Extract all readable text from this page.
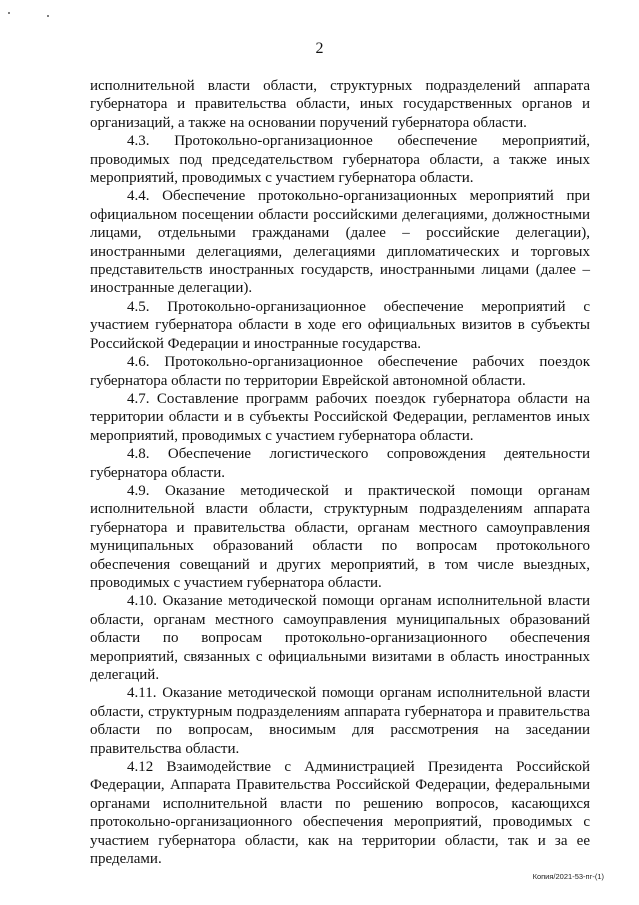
2

исполнительной власти области, структурных подразделений аппарата губернатора и правительства области, иных государственных органов и организаций, а также на основании поручений губернатора области.

4.3. Протокольно-организационное обеспечение мероприятий, проводимых под председательством губернатора области, а также иных мероприятий, проводимых с участием губернатора области.

4.4. Обеспечение протокольно-организационных мероприятий при официальном посещении области российскими делегациями, должностными лицами, отдельными гражданами (далее – российские делегации), иностранными делегациями, делегациями дипломатических и торговых представительств иностранных государств, иностранными лицами (далее – иностранные делегации).

4.5. Протокольно-организационное обеспечение мероприятий с участием губернатора области в ходе его официальных визитов в субъекты Российской Федерации и иностранные государства.

4.6. Протокольно-организационное обеспечение рабочих поездок губернатора области по территории Еврейской автономной области.

4.7. Составление программ рабочих поездок губернатора области на территории области и в субъекты Российской Федерации, регламентов иных мероприятий, проводимых с участием губернатора области.

4.8. Обеспечение логистического сопровождения деятельности губернатора области.

4.9. Оказание методической и практической помощи органам исполнительной власти области, структурным подразделениям аппарата губернатора и правительства области, органам местного самоуправления муниципальных образований области по вопросам протокольного обеспечения совещаний и других мероприятий, в том числе выездных, проводимых с участием губернатора области.

4.10. Оказание методической помощи органам исполнительной власти области, органам местного самоуправления муниципальных образований области по вопросам протокольно-организационного обеспечения мероприятий, связанных с официальными визитами в область иностранных делегаций.

4.11. Оказание методической помощи органам исполнительной власти области, структурным подразделениям аппарата губернатора и правительства области по вопросам, вносимым для рассмотрения на заседании правительства области.

4.12 Взаимодействие с Администрацией Президента Российской Федерации, Аппарата Правительства Российской Федерации, федеральными органами исполнительной власти по решению вопросов, касающихся протокольно-организационного обеспечения мероприятий, проводимых с участием губернатора области, как на территории области, так и за ее пределами.

Копия/2021-53-пг-(1)
